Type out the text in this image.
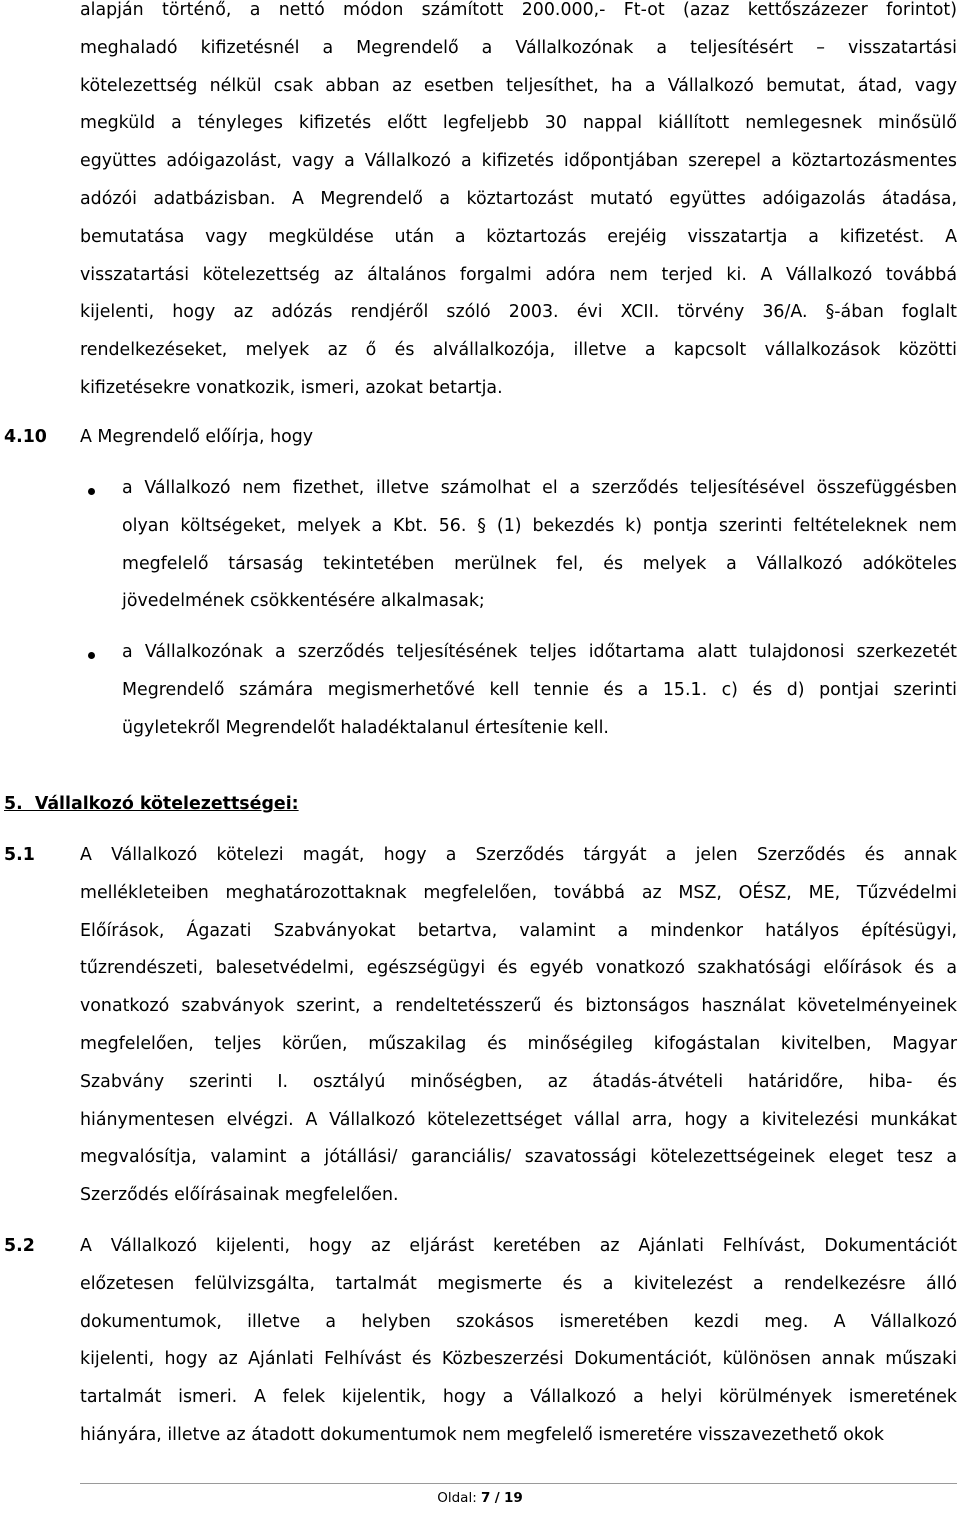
alapján történő, a nettó módon számított 200.000,- Ft-ot (azaz kettőszázezer forintot)
meghaladó kifizetésnél a Megrendelő a Vállalkozónak a teljesítésért – visszatartási
kötelezettség nélkül csak abban az esetben teljesíthet, ha a Vállalkozó bemutat, átad, vagy
megküld a tényleges kifizetés előtt legfeljebb 30 nappal kiállított nemlegesnek minősülő
együttes adóigazolást, vagy a Vállalkozó a kifizetés időpontjában szerepel a köztartozásmentes
adózói adatbázisban. A Megrendelő a köztartozást mutató együttes adóigazolás átadása,
bemutatása vagy megküldése után a köztartozás erejéig visszatartja a kifizetést. A
visszatartási kötelezettség az általános forgalmi adóra nem terjed ki. A Vállalkozó továbbá
kijelenti, hogy az adózás rendjéről szóló 2003. évi XCII. törvény 36/A. §-ában foglalt
rendelkezéseket, melyek az ő és alvállalkozója, illetve a kapcsolt vállalkozások közötti
kifizetésekre vonatkozik, ismeri, azokat betartja.
4.10 A Megrendelő előírja, hogy
a Vállalkozó nem fizethet, illetve számolhat el a szerződés teljesítésével összefüggésben
olyan költségeket, melyek a Kbt. 56. § (1) bekezdés k) pontja szerinti feltételeknek nem
megfelelő társaság tekintetében merülnek fel, és melyek a Vállalkozó adóköteles
jövedelmének csökkentésére alkalmasak;
a Vállalkozónak a szerződés teljesítésének teljes időtartama alatt tulajdonosi szerkezetét
Megrendelő számára megismerhetővé kell tennie és a 15.1. c) és d) pontjai szerinti
ügyletekről Megrendelőt haladéktalanul értesítenie kell.
5.  Vállalkozó kötelezettségei:
5.1	A Vállalkozó kötelezi magát, hogy a Szerződés tárgyát a jelen Szerződés és annak
mellékleteiben meghatározottaknak megfelelően, továbbá az MSZ, OÉSZ, ME, Tűzvédelmi
Előírások, Ágazati Szabványokat betartva, valamint a mindenkor hatályos építésügyi,
tűzrendészeti, balesetvédelmi, egészségügyi és egyéb vonatkozó szakhatósági előírások és a
vonatkozó szabványok szerint, a rendeltetésszerű és biztonságos használat követelményeinek
megfelelően, teljes körűen, műszakilag és minőségileg kifogástalan kivitelben, Magyar
Szabvány szerinti I. osztályú minőségben, az átadás-átvételi határidőre, hiba- és
hiánymentesen elvégzi. A Vállalkozó kötelezettséget vállal arra, hogy a kivitelezési munkákat
megvalósítja, valamint a jótállási/ garanciális/ szavatossági kötelezettségeinek eleget tesz a
Szerződés előírásainak megfelelően.
5.2	A Vállalkozó kijelenti, hogy az eljárást keretében az Ajánlati Felhívást, Dokumentációt
előzetesen felülvizsgálta, tartalmát megismerte és a kivitelezést a rendelkezésre álló
dokumentumok, illetve a helyben szokásos ismeretében kezdi meg. A Vállalkozó
kijelenti, hogy az Ajánlati Felhívást és Közbeszerzési Dokumentációt, különösen annak műszaki
tartalmát ismeri. A felek kijelentik, hogy a Vállalkozó a helyi körülmények ismeretének
hiányára, illetve az átadott dokumentumok nem megfelelő ismeretére visszavezethető okok
Oldal: 7 / 19
